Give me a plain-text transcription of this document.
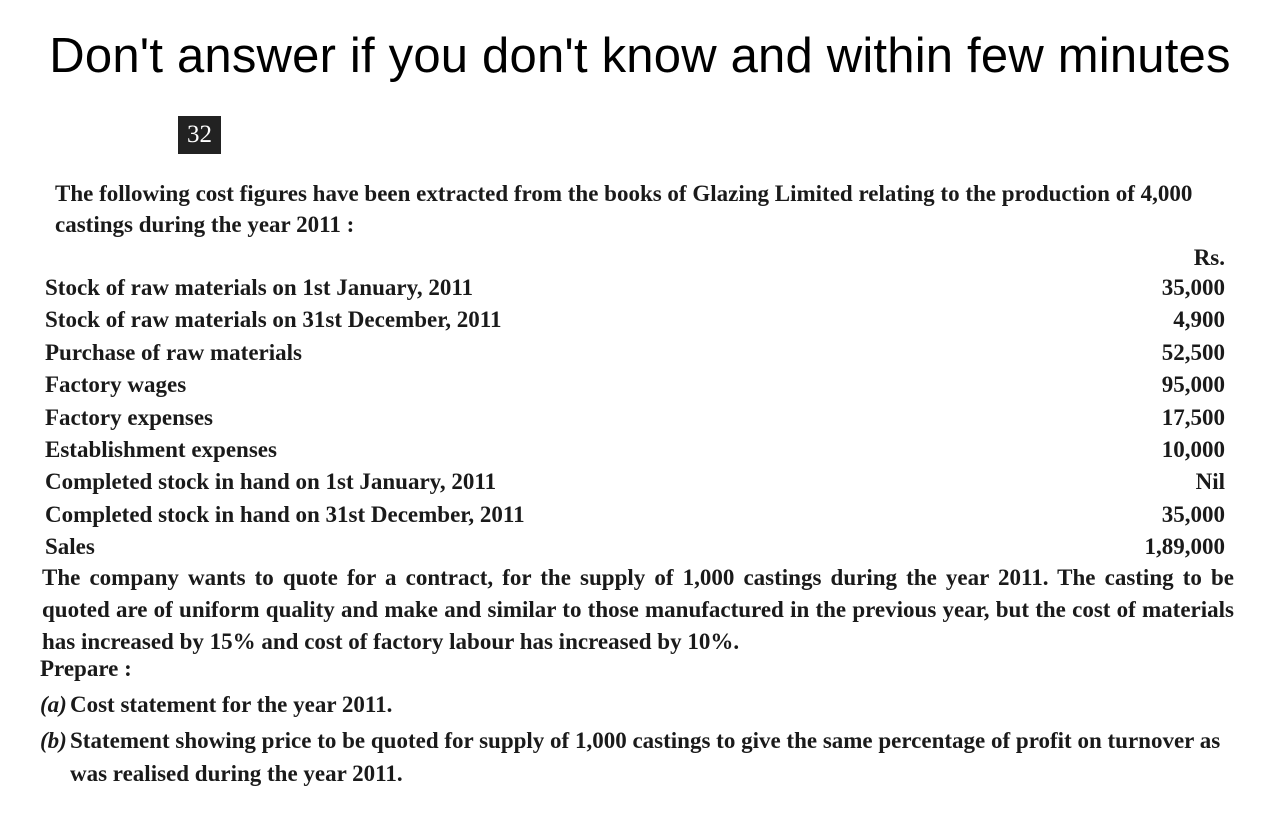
Don't answer if you don't know and within few minutes
32
The following cost figures have been extracted from the books of Glazing Limited relating to the production of 4,000 castings during the year 2011 :
Rs.
Stock of raw materials on 1st January, 2011	35,000
Stock of raw materials on 31st December, 2011	4,900
Purchase of raw materials	52,500
Factory wages	95,000
Factory expenses	17,500
Establishment expenses	10,000
Completed stock in hand on 1st January, 2011	Nil
Completed stock in hand on 31st December, 2011	35,000
Sales	1,89,000
The company wants to quote for a contract, for the supply of 1,000 castings during the year 2011. The casting to be quoted are of uniform quality and make and similar to those manufactured in the previous year, but the cost of materials has increased by 15% and cost of factory labour has increased by 10%.
Prepare :
(a) Cost statement for the year 2011.
(b) Statement showing price to be quoted for supply of 1,000 castings to give the same percentage of profit on turnover as was realised during the year 2011.
